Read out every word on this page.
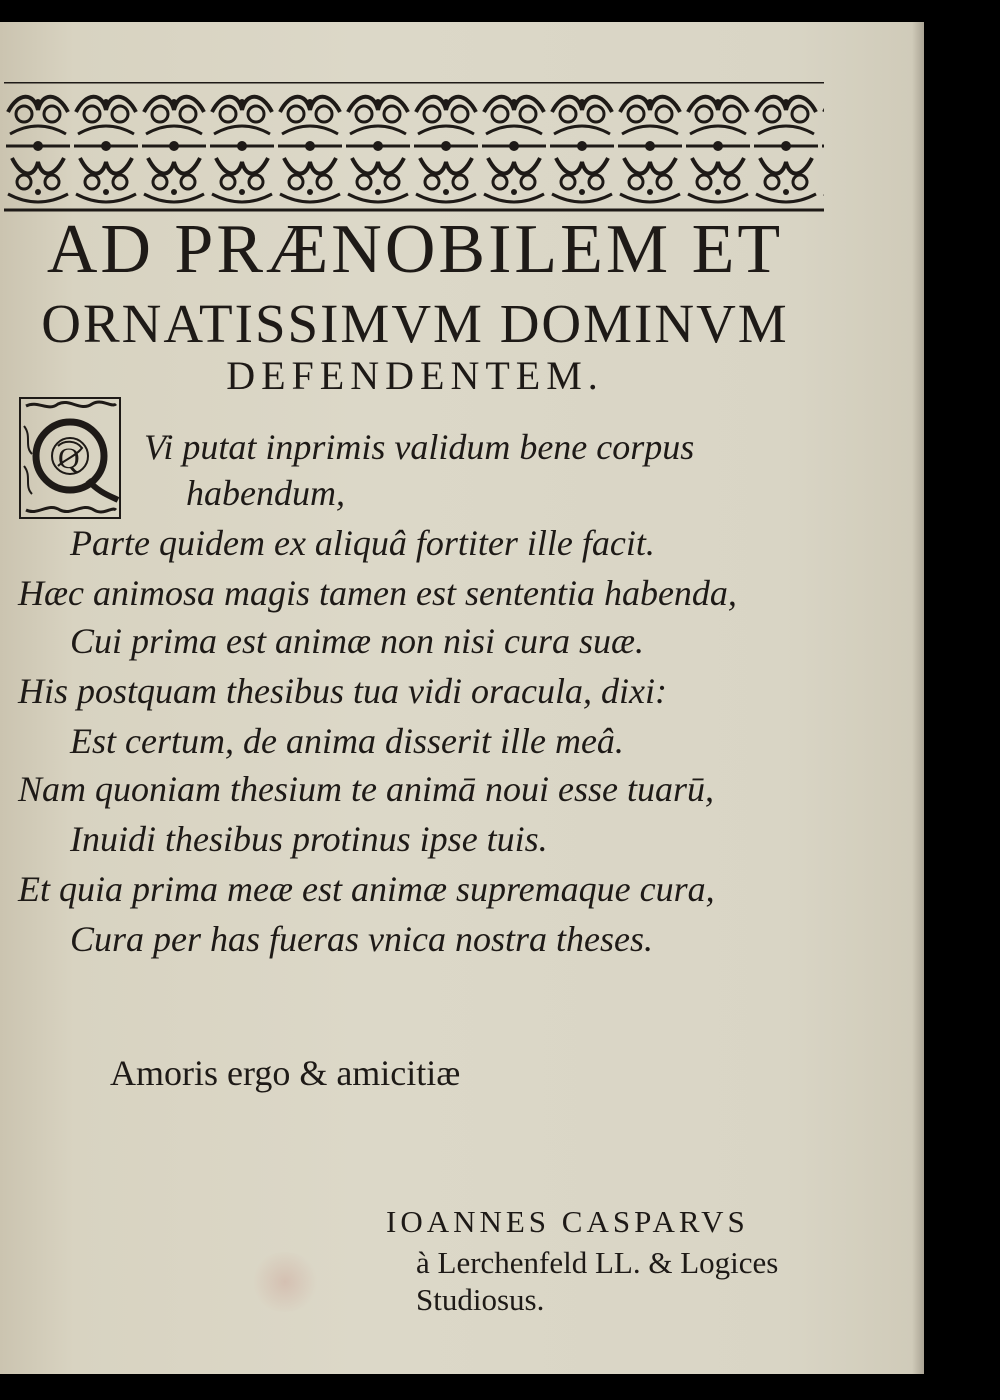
AD PRÆNOBILEM ET
ORNATISSIMVM DOMINVM
DEFENDENTEM.
Q Vi putat inprimis validum bene corpus
habendum,
Parte quidem ex aliquâ fortiter ille facit.
Hæc animosa magis tamen est sententia habenda,
Cui prima est animæ non nisi cura suæ.
His postquam thesibus tua vidi oracula, dixi:
Est certum, de anima disserit ille meâ.
Nam quoniam thesium te animā noui esse tuarū,
Inuidi thesibus protinus ipse tuis.
Et quia prima meæ est animæ supremaque cura,
Cura per has fueras vnica nostra theses.
Amoris ergo & amicitiæ
IOANNES CASPARVS
à Lerchenfeld LL. & Logices
Studiosus.
